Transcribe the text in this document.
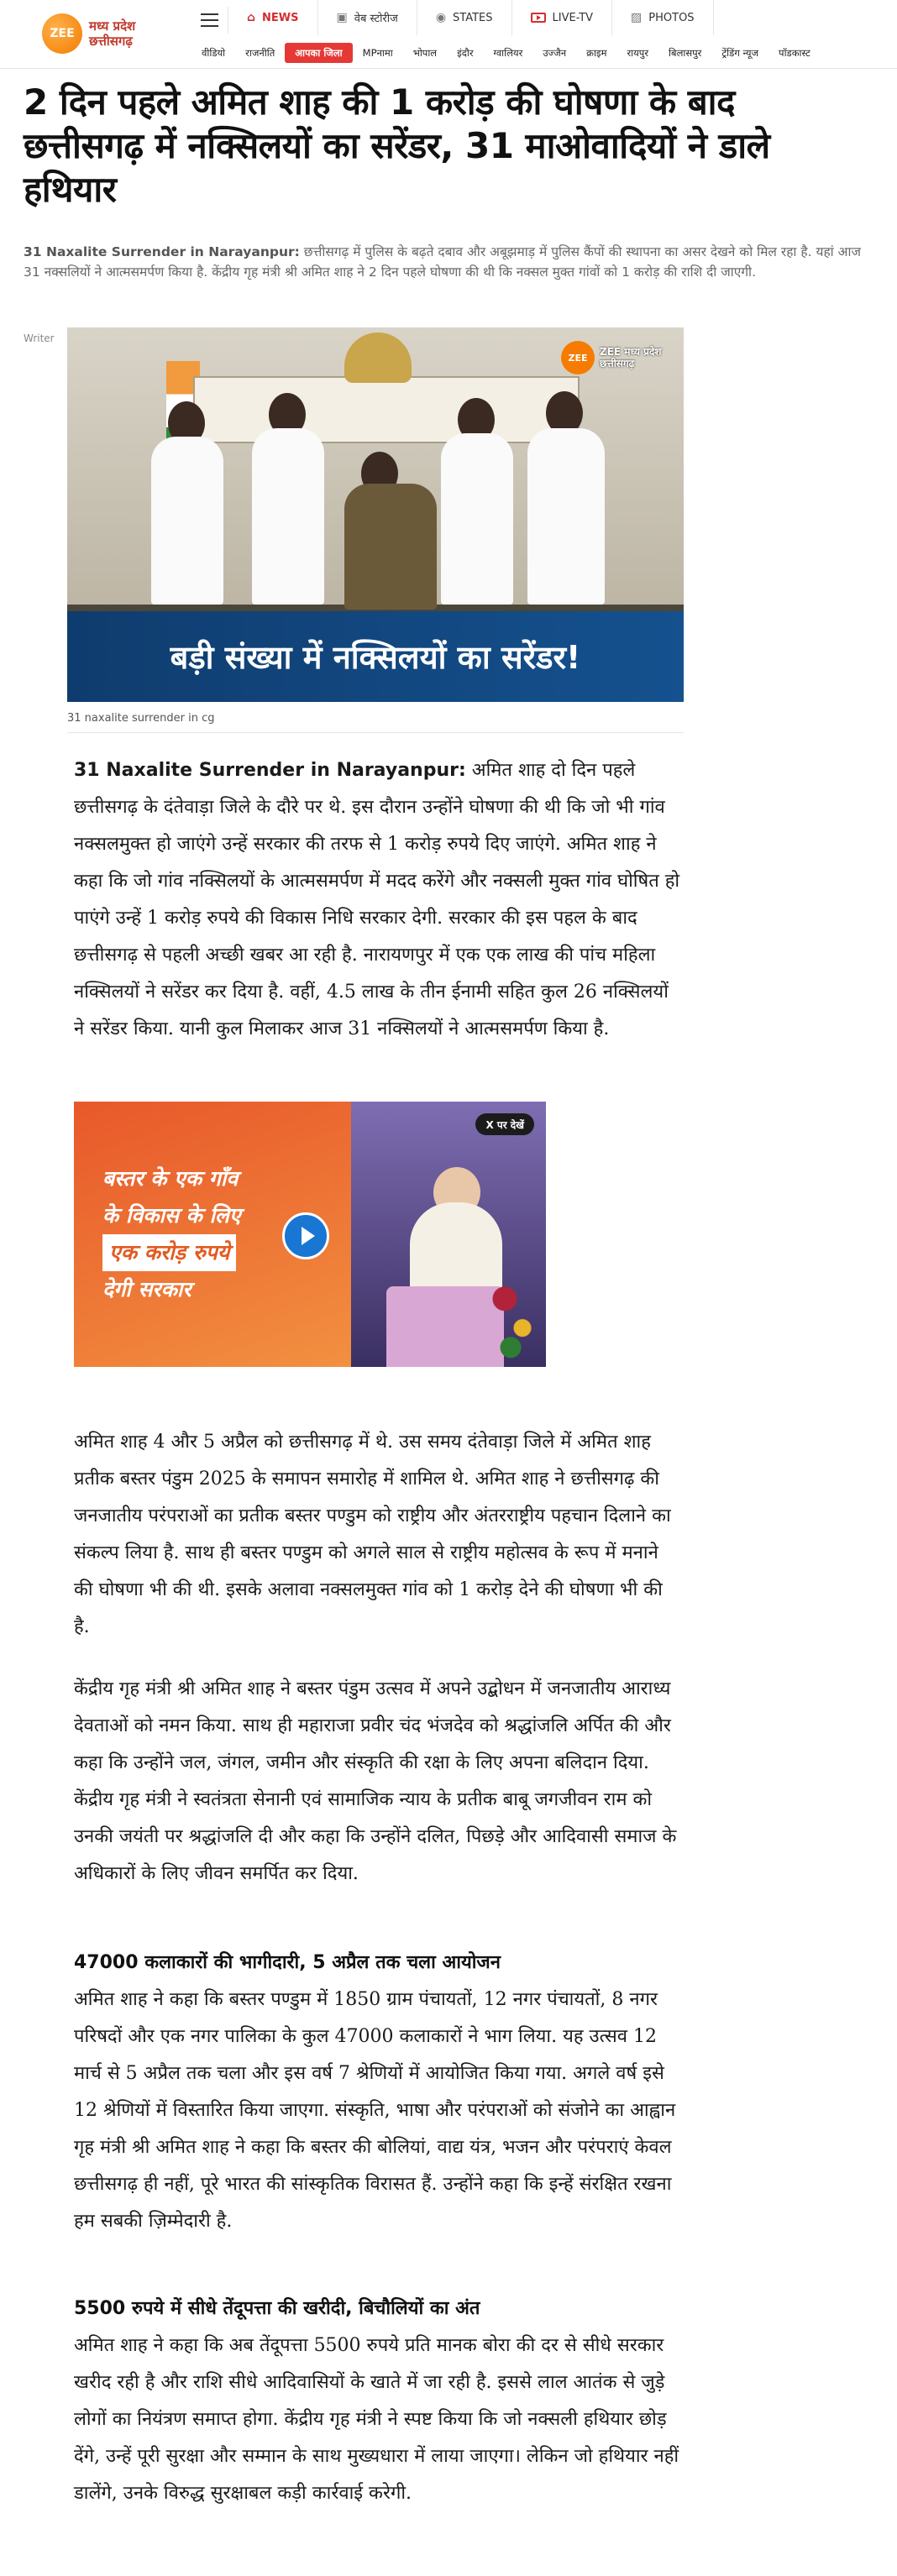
ZEE	मध्य प्रदेश
छत्तीसगढ़
⌂ NEWS	▣ वेब स्टोरीज	◉ STATES	LIVE-TV	▨ PHOTOS
वीडियो	राजनीति	आपका जिला	MPनामा	भोपाल	इंदौर	ग्वालियर	उज्जैन	क्राइम	रायपुर	बिलासपुर	ट्रेंडिंग न्यूज	पॉडकास्ट
2 दिन पहले अमित शाह की 1 करोड़ की घोषणा के बाद छत्तीसगढ़ में नक्सिलयों का सरेंडर, 31 माओवादियों ने डाले हथियार

31 Naxalite Surrender in Narayanpur: छत्तीसगढ़ में पुलिस के बढ़ते दबाव और अबूझमाड़ में पुलिस कैंपों की स्थापना का असर देखने को मिल रहा है. यहां आज 31 नक्सलियों ने आत्मसमर्पण किया है. केंद्रीय गृह मंत्री श्री अमित शाह ने 2 दिन पहले घोषणा की थी कि नक्सल मुक्त गांवों को 1 करोड़ की राशि दी जाएगी.

Writer
ZEE	ZEE मध्य प्रदेश
छत्तीसगढ़
बड़ी संख्या में नक्सिलयों का सरेंडर!
31 naxalite surrender in cg

31 Naxalite Surrender in Narayanpur: अमित शाह दो दिन पहले छत्तीसगढ़ के दंतेवाड़ा जिले के दौरे पर थे. इस दौरान उन्होंने घोषणा की थी कि जो भी गांव नक्सलमुक्त हो जाएंगे उन्हें सरकार की तरफ से 1 करोड़ रुपये दिए जाएंगे. अमित शाह ने कहा कि जो गांव नक्सिलयों के आत्मसमर्पण में मदद करेंगे और नक्सली मुक्त गांव घोषित हो पाएंगे उन्हें 1 करोड़ रुपये की विकास निधि सरकार देगी. सरकार की इस पहल के बाद छत्तीसगढ़ से पहली अच्छी खबर आ रही है. नारायणपुर में एक एक लाख की पांच महिला नक्सिलयों ने सरेंडर कर दिया है. वहीं, 4.5 लाख के तीन ईनामी सहित कुल 26 नक्सिलयों ने सरेंडर किया. यानी कुल मिलाकर आज 31 नक्सिलयों ने आत्मसमर्पण किया है.

बस्तर के एक गाँव
के विकास के लिए
एक करोड़ रुपये
देगी सरकार
X पर देखें

अमित शाह 4 और 5 अप्रैल को छत्तीसगढ़ में थे. उस समय दंतेवाड़ा जिले में अमित शाह प्रतीक बस्तर पंडुम 2025 के समापन समारोह में शामिल थे. अमित शाह ने छत्तीसगढ़ की जनजातीय परंपराओं का प्रतीक बस्तर पण्डुम को राष्ट्रीय और अंतरराष्ट्रीय पहचान दिलाने का संकल्प लिया है. साथ ही बस्तर पण्डुम को अगले साल से राष्ट्रीय महोत्सव के रूप में मनाने की घोषणा भी की थी. इसके अलावा नक्सलमुक्त गांव को 1 करोड़ देने की घोषणा भी की है.

केंद्रीय गृह मंत्री श्री अमित शाह ने बस्तर पंडुम उत्सव में अपने उद्बोधन में जनजातीय आराध्य देवताओं को नमन किया. साथ ही महाराजा प्रवीर चंद भंजदेव को श्रद्धांजलि अर्पित की और कहा कि उन्होंने जल, जंगल, जमीन और संस्कृति की रक्षा के लिए अपना बलिदान दिया. केंद्रीय गृह मंत्री ने स्वतंत्रता सेनानी एवं सामाजिक न्याय के प्रतीक बाबू जगजीवन राम को उनकी जयंती पर श्रद्धांजलि दी और कहा कि उन्होंने दलित, पिछड़े और आदिवासी समाज के अधिकारों के लिए जीवन समर्पित कर दिया.

47000 कलाकारों की भागीदारी, 5 अप्रैल तक चला आयोजन

अमित शाह ने कहा कि बस्तर पण्डुम में 1850 ग्राम पंचायतों, 12 नगर पंचायतों, 8 नगर परिषदों और एक नगर पालिका के कुल 47000 कलाकारों ने भाग लिया. यह उत्सव 12 मार्च से 5 अप्रैल तक चला और इस वर्ष 7 श्रेणियों में आयोजित किया गया. अगले वर्ष इसे 12 श्रेणियों में विस्तारित किया जाएगा. संस्कृति, भाषा और परंपराओं को संजोने का आह्वान गृह मंत्री श्री अमित शाह ने कहा कि बस्तर की बोलियां, वाद्य यंत्र, भजन और परंपराएं केवल छत्तीसगढ़ ही नहीं, पूरे भारत की सांस्कृतिक विरासत हैं. उन्होंने कहा कि इन्हें संरक्षित रखना हम सबकी ज़िम्मेदारी है.

5500 रुपये में सीधे तेंदूपत्ता की खरीदी, बिचौलियों का अंत

अमित शाह ने कहा कि अब तेंदूपत्ता 5500 रुपये प्रति मानक बोरा की दर से सीधे सरकार खरीद रही है और राशि सीधे आदिवासियों के खाते में जा रही है. इससे लाल आतंक से जुड़े लोगों का नियंत्रण समाप्त होगा. केंद्रीय गृह मंत्री ने स्पष्ट किया कि जो नक्सली हथियार छोड़ देंगे, उन्हें पूरी सुरक्षा और सम्मान के साथ मुख्यधारा में लाया जाएगा। लेकिन जो हथियार नहीं डालेंगे, उनके विरुद्ध सुरक्षाबल कड़ी कार्रवाई करेगी.
